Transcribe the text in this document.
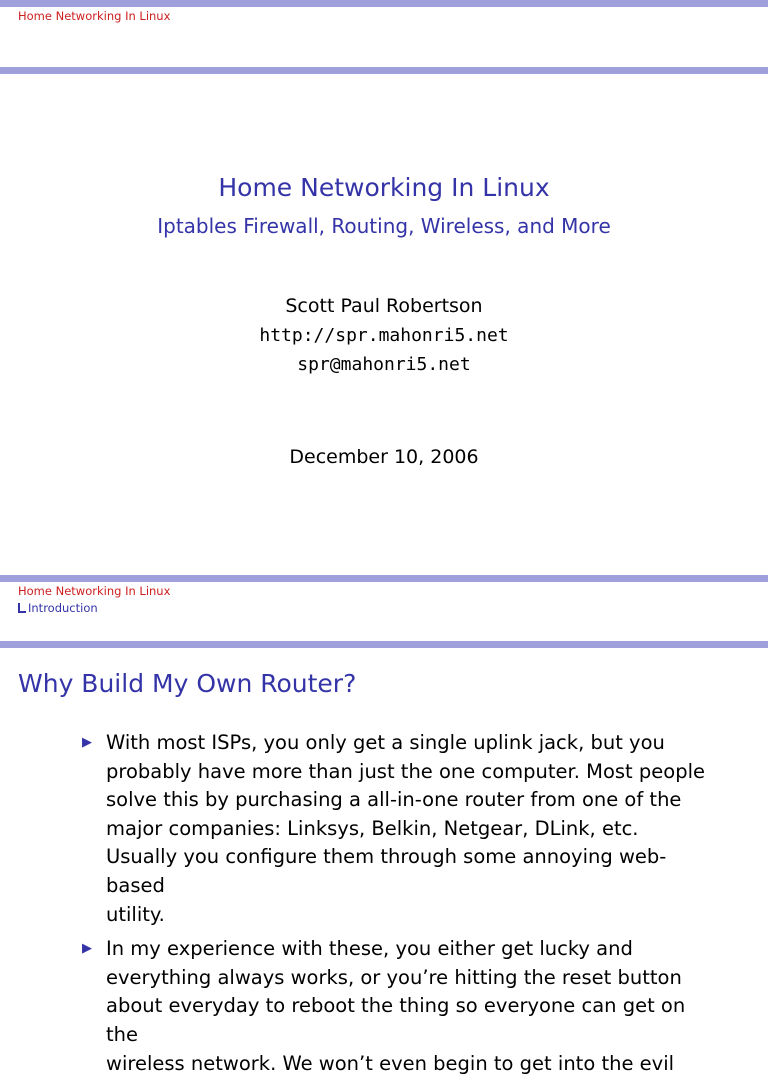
Home Networking In Linux
Home Networking In Linux
Iptables Firewall, Routing, Wireless, and More
Scott Paul Robertson
http://spr.mahonri5.net
spr@mahonri5.net
December 10, 2006
Home Networking In Linux
Introduction
Why Build My Own Router?
▶ With most ISPs, you only get a single uplink jack, but you
probably have more than just the one computer. Most people
solve this by purchasing a all-in-one router from one of the
major companies: Linksys, Belkin, Netgear, DLink, etc.
Usually you configure them through some annoying web-based
utility.
▶ In my experience with these, you either get lucky and
everything always works, or you’re hitting the reset button
about everyday to reboot the thing so everyone can get on the
wireless network. We won’t even begin to get into the evil
